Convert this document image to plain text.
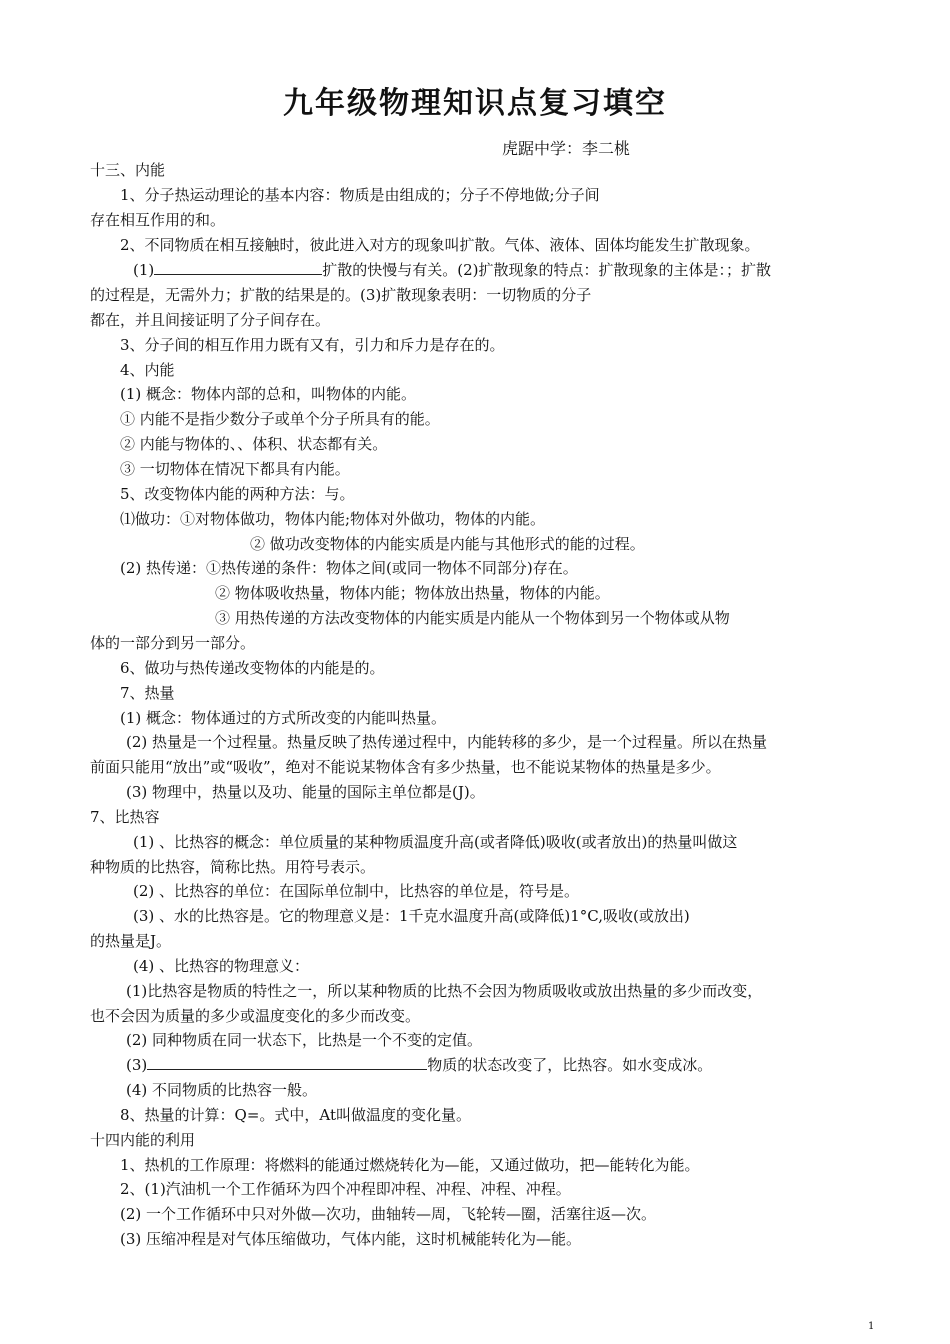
九年级物理知识点复习填空
虎踞中学：李二桃
十三、内能
1、分子热运动理论的基本内容：物质是由组成的；分子不停地做;分子间
存在相互作用的和。
2、不同物质在相互接触时，彼此进入对方的现象叫扩散。气体、液体、固体均能发生扩散现象。
(1)	扩散的快慢与有关。(2)扩散现象的特点：扩散现象的主体是：；扩散
的过程是，无需外力；扩散的结果是的。(3)扩散现象表明：一切物质的分子
都在，并且间接证明了分子间存在。
3、分子间的相互作用力既有又有，引力和斥力是存在的。
4、内能
(1) 概念：物体内部的总和，叫物体的内能。
① 内能不是指少数分子或单个分子所具有的能。
② 内能与物体的、、体积、状态都有关。
③ 一切物体在情况下都具有内能。
5、改变物体内能的两种方法：与。
⑴做功：①对物体做功，物体内能;物体对外做功，物体的内能。
② 做功改变物体的内能实质是内能与其他形式的能的过程。
(2) 热传递：①热传递的条件：物体之间(或同一物体不同部分)存在。
② 物体吸收热量，物体内能；物体放出热量，物体的内能。
③ 用热传递的方法改变物体的内能实质是内能从一个物体到另一个物体或从物
体的一部分到另一部分。
6、做功与热传递改变物体的内能是的。
7、热量
(1) 概念：物体通过的方式所改变的内能叫热量。
(2) 热量是一个过程量。热量反映了热传递过程中，内能转移的多少，是一个过程量。所以在热量
前面只能用“放出”或“吸收”，绝对不能说某物体含有多少热量，也不能说某物体的热量是多少。
(3) 物理中，热量以及功、能量的国际主单位都是(J)。
7、比热容
(1) 、比热容的概念：单位质量的某种物质温度升高(或者降低)吸收(或者放出)的热量叫做这
种物质的比热容，简称比热。用符号表示。
(2) 、比热容的单位：在国际单位制中，比热容的单位是，符号是。
(3) 、水的比热容是。它的物理意义是：1千克水温度升高(或降低)1°C,吸收(或放出)
的热量是J。
(4) 、比热容的物理意义：
(1)比热容是物质的特性之一，所以某种物质的比热不会因为物质吸收或放出热量的多少而改变，
也不会因为质量的多少或温度变化的多少而改变。
(2) 同种物质在同一状态下，比热是一个不变的定值。
(3)	物质的状态改变了，比热容。如水变成冰。
(4) 不同物质的比热容一般。
8、热量的计算：Q=。式中，At叫做温度的变化量。
十四内能的利用
1、热机的工作原理：将燃料的能通过燃烧转化为—能，又通过做功，把—能转化为能。
2、(1)汽油机一个工作循环为四个冲程即冲程、冲程、冲程、冲程。
(2) 一个工作循环中只对外做—次功，曲轴转—周，飞轮转—圈，活塞往返—次。
(3) 压缩冲程是对气体压缩做功，气体内能，这时机械能转化为—能。
1
